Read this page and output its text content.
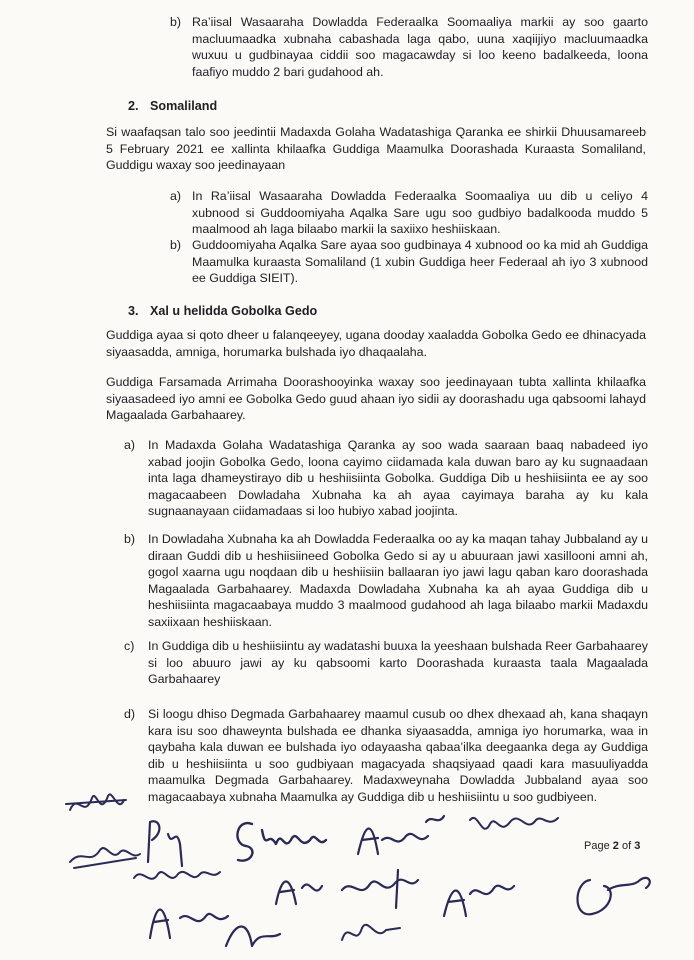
b) Ra’iisal Wasaaraha Dowladda Federaalka Soomaaliya markii ay soo gaarto macluumaadka xubnaha cabashada laga qabo, uuna xaqiijiyo macluumaadka wuxuu u gudbinayaa ciddii soo magacawday si loo keeno badalkeeda, loona faafiyo muddo 2 bari gudahood ah.
2. Somaliland

Si waafaqsan talo soo jeedintii Madaxda Golaha Wadatashiga Qaranka ee shirkii Dhuusamareeb 5 February 2021 ee xallinta khilaafka Guddiga Maamulka Doorashada Kuraasta Somaliland, Guddigu waxay soo jeedinayaan

a) In Ra’iisal Wasaaraha Dowladda Federaalka Soomaaliya uu dib u celiyo 4 xubnood si Guddoomiyaha Aqalka Sare ugu soo gudbiyo badalkooda muddo 5 maalmood ah laga bilaabo markii la saxiixo heshiiskaan.
b) Guddoomiyaha Aqalka Sare ayaa soo gudbinaya 4 xubnood oo ka mid ah Guddiga Maamulka kuraasta Somaliland (1 xubin Guddiga heer Federaal ah iyo 3 xubnood ee Guddiga SIEIT).
3. Xal u helidda Gobolka Gedo

Guddiga ayaa si qoto dheer u falanqeeyey, ugana dooday xaaladda Gobolka Gedo ee dhinacyada siyaasadda, amniga, horumarka bulshada iyo dhaqaalaha.

Guddiga Farsamada Arrimaha Doorashooyinka waxay soo jeedinayaan tubta xallinta khilaafka siyaasadeed iyo amni ee Gobolka Gedo guud ahaan iyo sidii ay doorashadu uga qabsoomi lahayd Magaalada Garbahaarey.

a) In Madaxda Golaha Wadatashiga Qaranka ay soo wada saaraan baaq nabadeed iyo xabad joojin Gobolka Gedo, loona cayimo ciidamada kala duwan baro ay ku sugnaadaan inta laga dhameystirayo dib u heshiisiinta Gobolka. Guddiga Dib u heshiisiinta ee ay soo magacaabeen Dowladaha Xubnaha ka ah ayaa cayimaya baraha ay ku kala sugnaanayaan ciidamadaas si loo hubiyo xabad joojinta.
b) In Dowladaha Xubnaha ka ah Dowladda Federaalka oo ay ka maqan tahay Jubbaland ay u diraan Guddi dib u heshiisiineed Gobolka Gedo si ay u abuuraan jawi xasillooni amni ah, gogol xaarna ugu noqdaan dib u heshiisiin ballaaran iyo jawi lagu qaban karo doorashada Magaalada Garbahaarey. Madaxda Dowladaha Xubnaha ka ah ayaa Guddiga dib u heshiisiinta magacaabaya muddo 3 maalmood gudahood ah laga bilaabo markii Madaxdu saxiixaan heshiiskaan.
c) In Guddiga dib u heshiisiintu ay wadatashi buuxa la yeeshaan bulshada Reer Garbahaarey si loo abuuro jawi ay ku qabsoomi karto Doorashada kuraasta taala Magaalada Garbahaarey
d) Si loogu dhiso Degmada Garbahaarey maamul cusub oo dhex dhexaad ah, kana shaqayn kara isu soo dhaweynta bulshada ee dhanka siyaasadda, amniga iyo horumarka, waa in qaybaha kala duwan ee bulshada iyo odayaasha qabaa’ilka deegaanka dega ay Guddiga dib u heshiisiinta u soo gudbiyaan magacyada shaqsiyaad qaadi kara masuuliyadda maamulka Degmada Garbahaarey. Madaxweynaha Dowladda Jubbaland ayaa soo magacaabaya xubnaha Maamulka ay Guddiga dib u heshiisiintu u soo gudbiyeen.
Page 2 of 3
